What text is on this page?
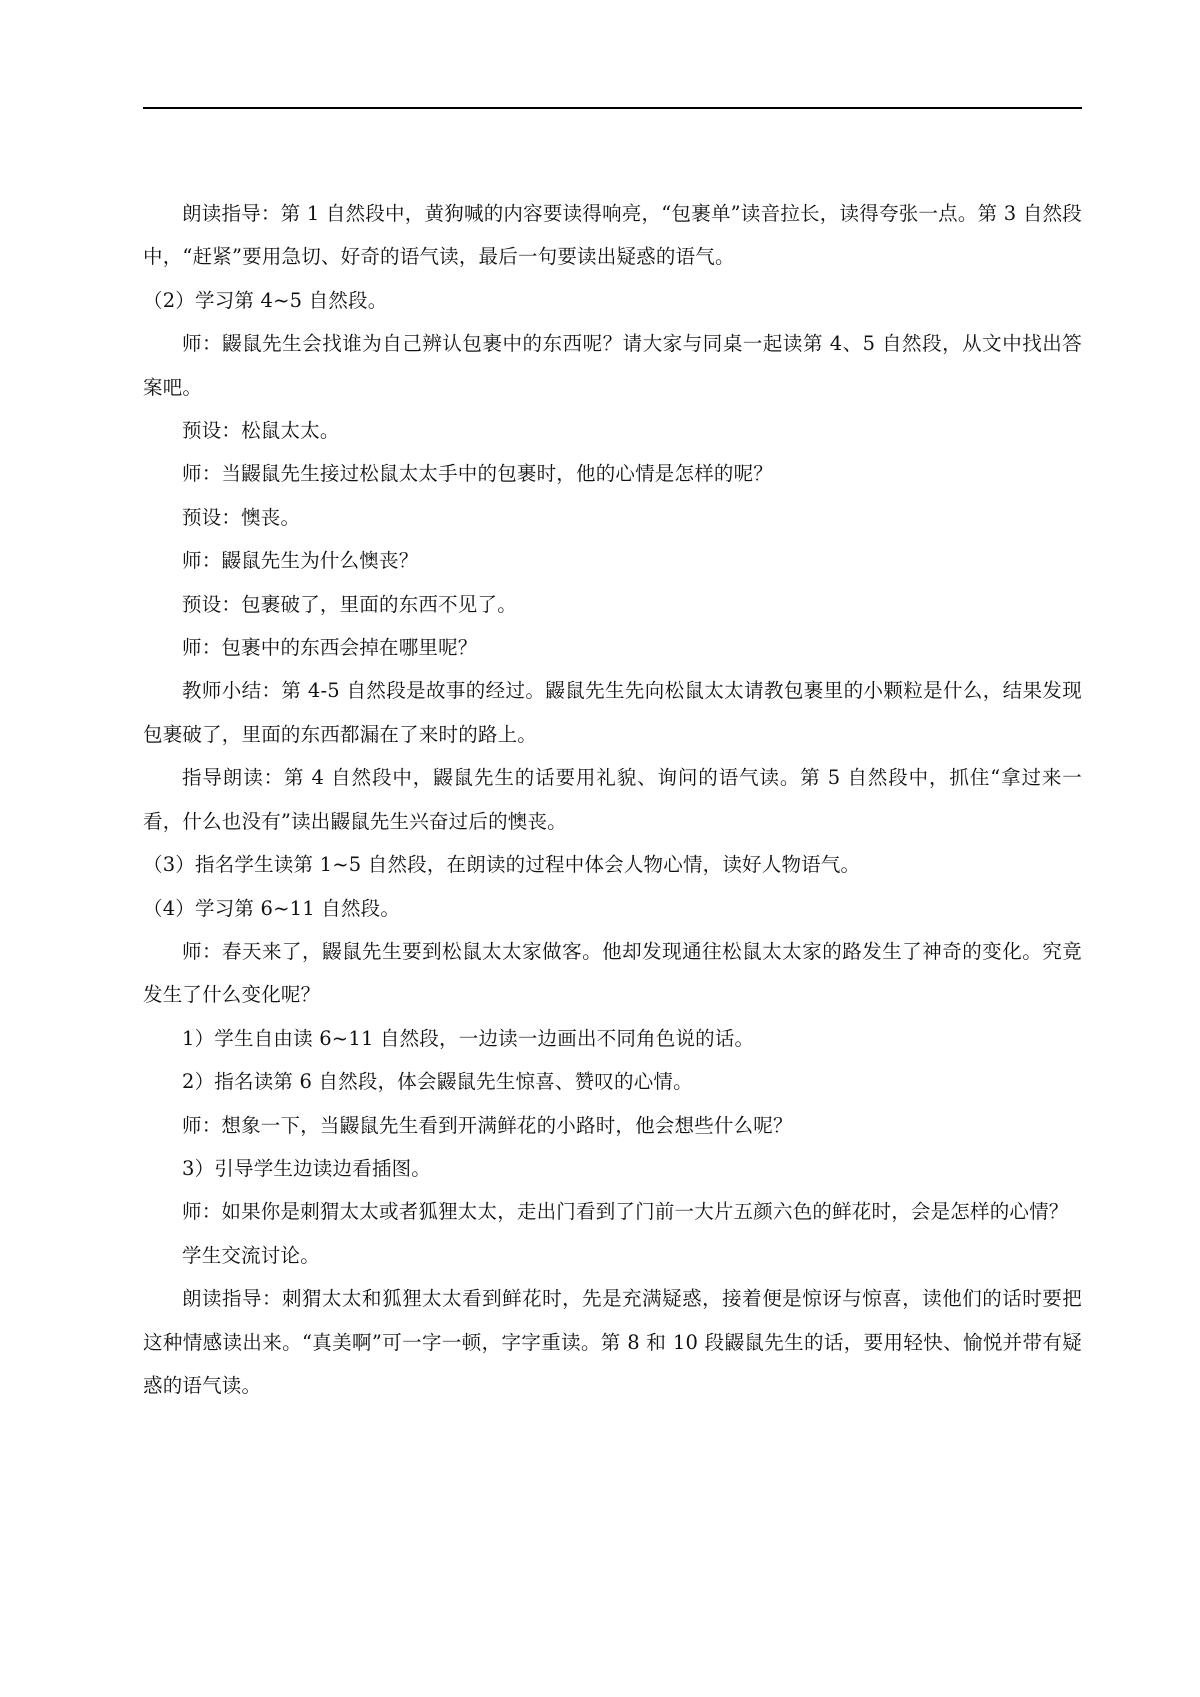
朗读指导：第 1 自然段中，黄狗喊的内容要读得响亮，“包裹单”读音拉长，读得夸张一点。第 3 自然段中，“赶紧”要用急切、好奇的语气读，最后一句要读出疑惑的语气。

（2）学习第 4~5 自然段。

师：鼹鼠先生会找谁为自己辨认包裹中的东西呢？请大家与同桌一起读第 4、5 自然段，从文中找出答案吧。

预设：松鼠太太。

师：当鼹鼠先生接过松鼠太太手中的包裹时，他的心情是怎样的呢？

预设：懊丧。

师：鼹鼠先生为什么懊丧？

预设：包裹破了，里面的东西不见了。

师：包裹中的东西会掉在哪里呢？

教师小结：第 4-5 自然段是故事的经过。鼹鼠先生先向松鼠太太请教包裹里的小颗粒是什么，结果发现包裹破了，里面的东西都漏在了来时的路上。

指导朗读：第 4 自然段中，鼹鼠先生的话要用礼貌、询问的语气读。第 5 自然段中，抓住“拿过来一看，什么也没有”读出鼹鼠先生兴奋过后的懊丧。

（3）指名学生读第 1~5 自然段，在朗读的过程中体会人物心情，读好人物语气。

（4）学习第 6~11 自然段。

师：春天来了，鼹鼠先生要到松鼠太太家做客。他却发现通往松鼠太太家的路发生了神奇的变化。究竟发生了什么变化呢？

1）学生自由读 6~11 自然段，一边读一边画出不同角色说的话。

2）指名读第 6 自然段，体会鼹鼠先生惊喜、赞叹的心情。

师：想象一下，当鼹鼠先生看到开满鲜花的小路时，他会想些什么呢？

3）引导学生边读边看插图。

师：如果你是刺猬太太或者狐狸太太，走出门看到了门前一大片五颜六色的鲜花时，会是怎样的心情？

学生交流讨论。

朗读指导：刺猬太太和狐狸太太看到鲜花时，先是充满疑惑，接着便是惊讶与惊喜，读他们的话时要把这种情感读出来。“真美啊”可一字一顿，字字重读。第 8 和 10 段鼹鼠先生的话，要用轻快、愉悦并带有疑惑的语气读。
